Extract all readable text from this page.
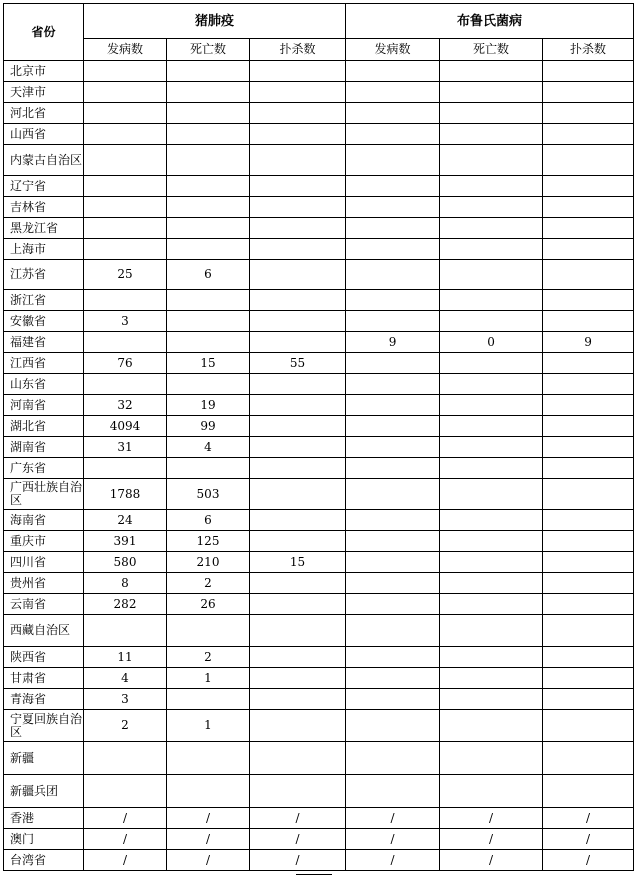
省份	猪肺疫			布鲁氏菌病		
	发病数	死亡数	扑杀数	发病数	死亡数	扑杀数
北京市						
天津市						
河北省						
山西省						
内蒙古自治区						
辽宁省						
吉林省						
黑龙江省						
上海市						
江苏省	25	6				
浙江省						
安徽省	3					
福建省				9	0	9
江西省	76	15	55			
山东省						
河南省	32	19				
湖北省	4094	99				
湖南省	31	4				
广东省						
广西壮族自治区	1788	503				
海南省	24	6				
重庆市	391	125				
四川省	580	210	15			
贵州省	8	2				
云南省	282	26				
西藏自治区						
陕西省	11	2				
甘肃省	4	1				
青海省	3					
宁夏回族自治区	2	1				
新疆						
新疆兵团						
香港	/	/	/	/	/	/
澳门	/	/	/	/	/	/
台湾省	/	/	/	/	/	/
